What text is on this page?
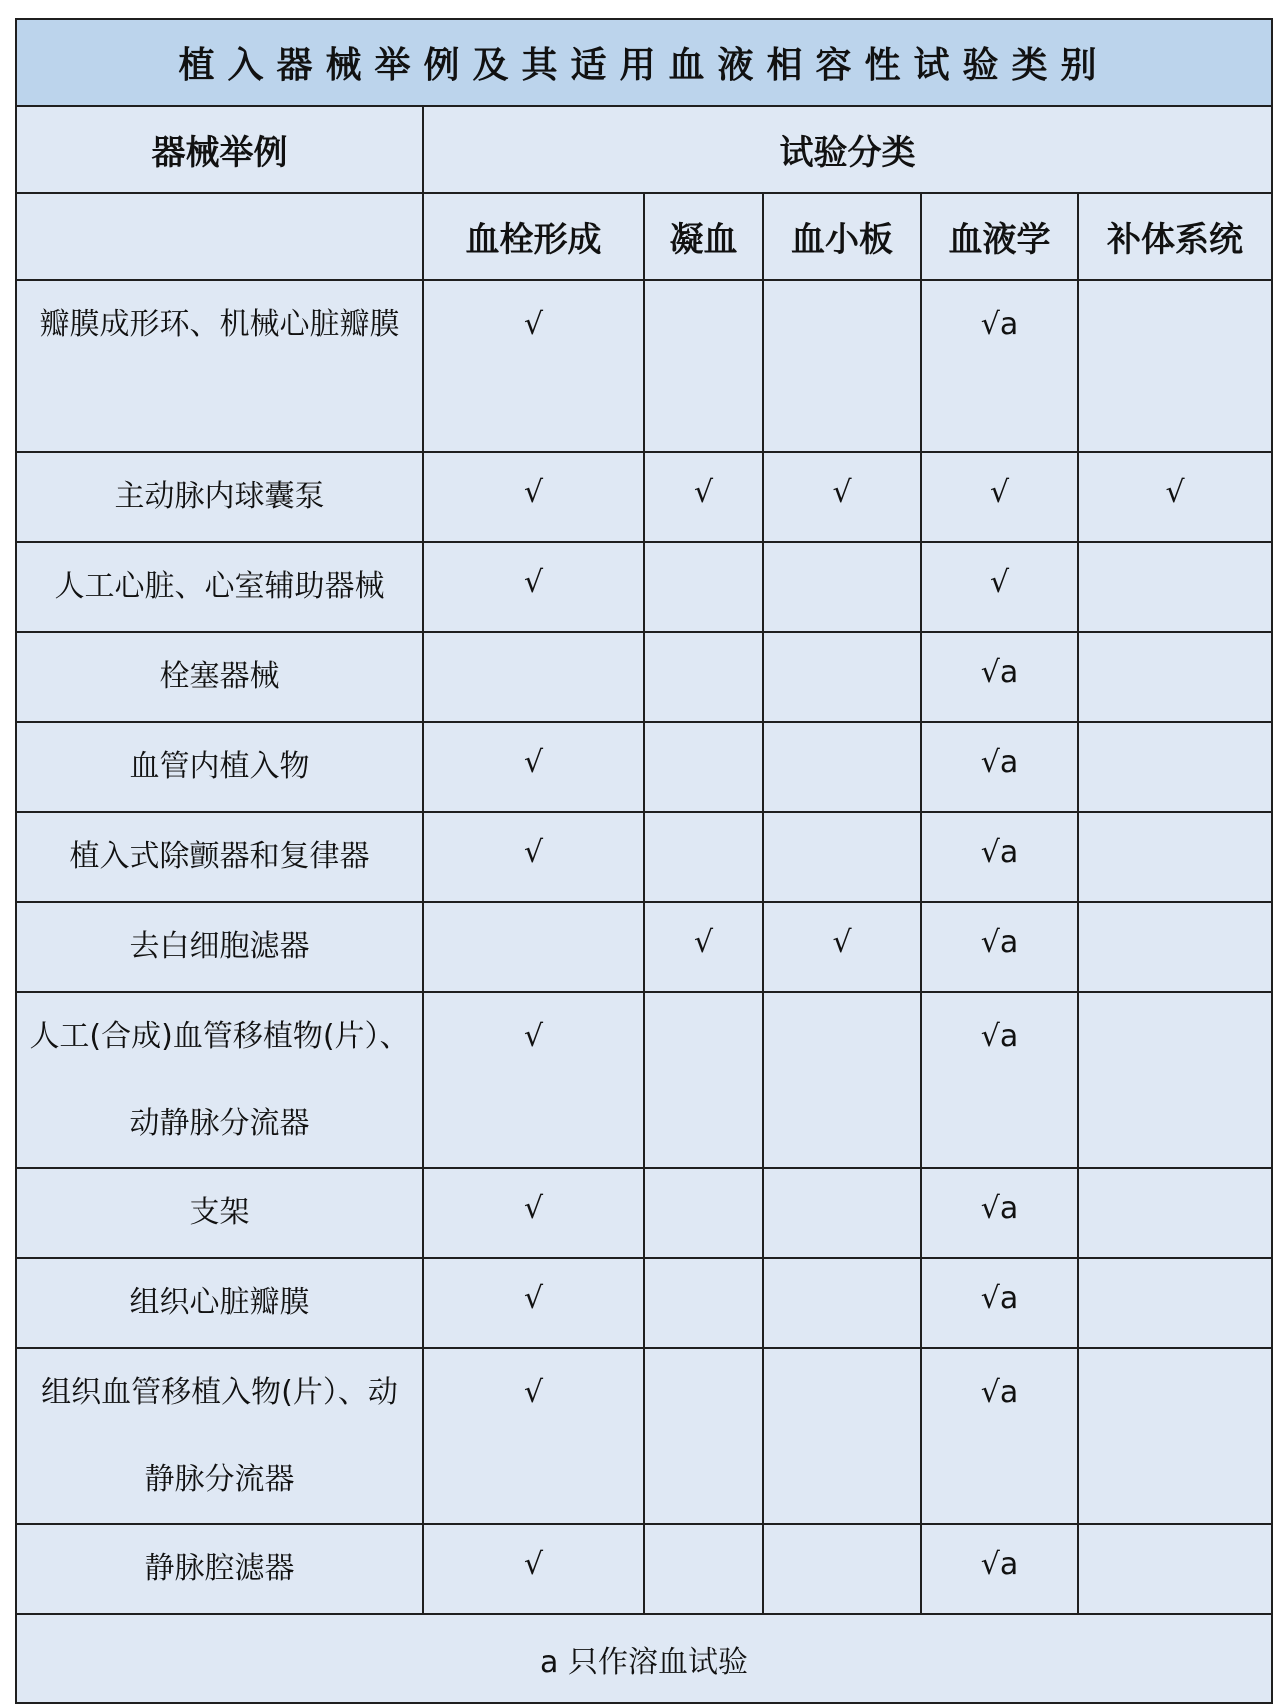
植入器械举例及其适用血液相容性试验类别					
器械举例	试验分类				
	血栓形成	凝血	血小板	血液学	补体系统
瓣膜成形环、机械心脏瓣膜	√			√a	
主动脉内球囊泵	√	√	√	√	√
人工心脏、心室辅助器械	√			√	
栓塞器械				√a	
血管内植入物	√			√a	
植入式除颤器和复律器	√			√a	
去白细胞滤器		√	√	√a	
人工(合成)血管移植物(片）、动静脉分流器	√			√a	
支架	√			√a	
组织心脏瓣膜	√			√a	
组织血管移植入物(片）、动静脉分流器	√			√a	
静脉腔滤器	√			√a	
a 只作溶血试验					
